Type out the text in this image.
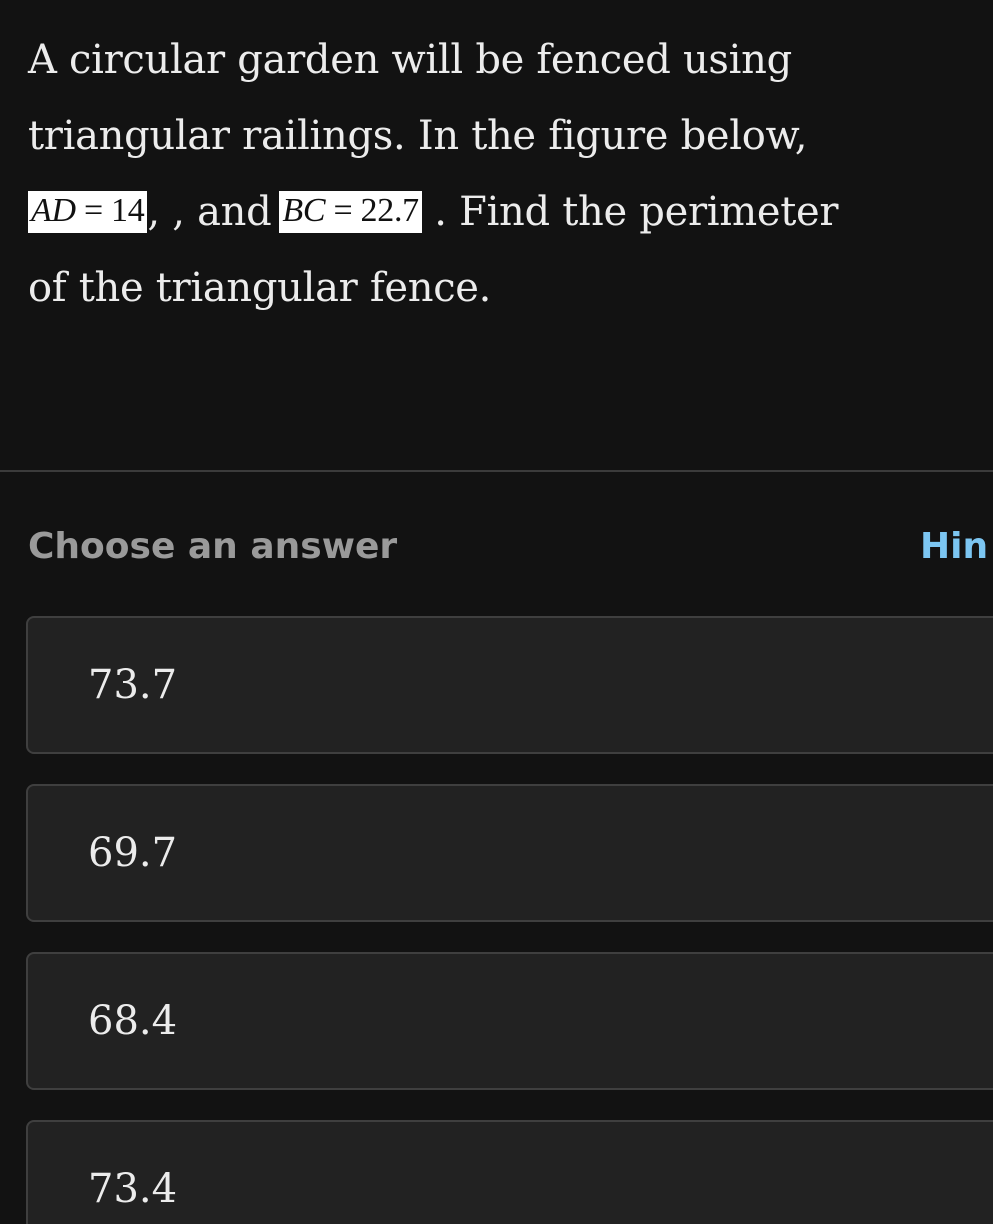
A circular garden will be fenced using
triangular railings. In the figure below,
AD = 14, , and BC = 22.7 . Find the perimeter
of the triangular fence.
Choose an answer	Hin
73.7
69.7
68.4
73.4
